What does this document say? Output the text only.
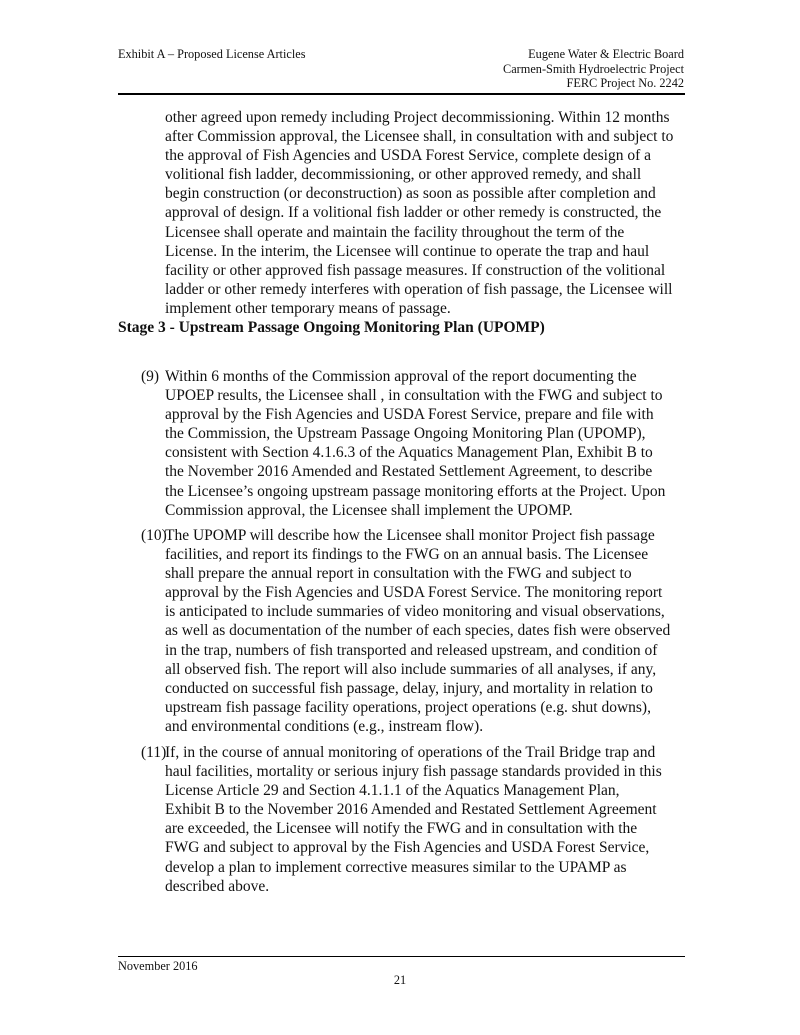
Exhibit A – Proposed License Articles	Eugene Water & Electric Board
Carmen-Smith Hydroelectric Project
FERC Project No. 2242
other agreed upon remedy including Project decommissioning. Within 12 months
after Commission approval, the Licensee shall, in consultation with and subject to
the approval of Fish Agencies and USDA Forest Service, complete design of a
volitional fish ladder, decommissioning, or other approved remedy, and shall
begin construction (or deconstruction) as soon as possible after completion and
approval of design. If a volitional fish ladder or other remedy is constructed, the
Licensee shall operate and maintain the facility throughout the term of the
License. In the interim, the Licensee will continue to operate the trap and haul
facility or other approved fish passage measures. If construction of the volitional
ladder or other remedy interferes with operation of fish passage, the Licensee will
implement other temporary means of passage.
Stage 3 - Upstream Passage Ongoing Monitoring Plan (UPOMP)
(9) Within 6 months of the Commission approval of the report documenting the
UPOEP results, the Licensee shall , in consultation with the FWG and subject to
approval by the Fish Agencies and USDA Forest Service, prepare and file with
the Commission, the Upstream Passage Ongoing Monitoring Plan (UPOMP),
consistent with Section 4.1.6.3 of the Aquatics Management Plan, Exhibit B to
the November 2016 Amended and Restated Settlement Agreement, to describe
the Licensee’s ongoing upstream passage monitoring efforts at the Project. Upon
Commission approval, the Licensee shall implement the UPOMP.
(10)
The UPOMP will describe how the Licensee shall monitor Project fish passage
facilities, and report its findings to the FWG on an annual basis. The Licensee
shall prepare the annual report in consultation with the FWG and subject to
approval by the Fish Agencies and USDA Forest Service. The monitoring report
is anticipated to include summaries of video monitoring and visual observations,
as well as documentation of the number of each species, dates fish were observed
in the trap, numbers of fish transported and released upstream, and condition of
all observed fish. The report will also include summaries of all analyses, if any,
conducted on successful fish passage, delay, injury, and mortality in relation to
upstream fish passage facility operations, project operations (e.g. shut downs),
and environmental conditions (e.g., instream flow).
(11)
If, in the course of annual monitoring of operations of the Trail Bridge trap and
haul facilities, mortality or serious injury fish passage standards provided in this
License Article 29 and Section 4.1.1.1 of the Aquatics Management Plan,
Exhibit B to the November 2016 Amended and Restated Settlement Agreement
are exceeded, the Licensee will notify the FWG and in consultation with the
FWG and subject to approval by the Fish Agencies and USDA Forest Service,
develop a plan to implement corrective measures similar to the UPAMP as
described above.
November 2016
21
